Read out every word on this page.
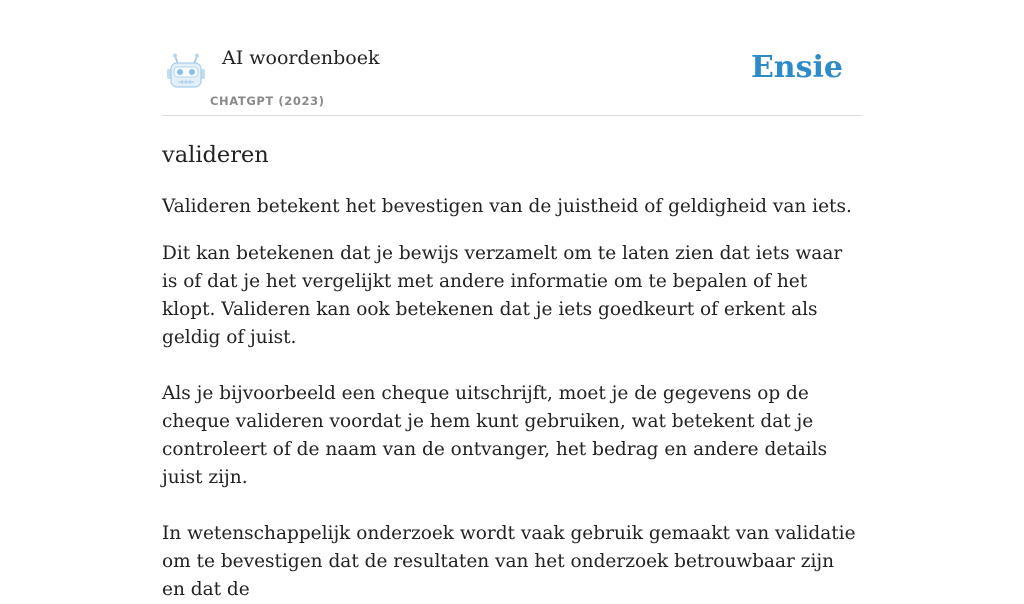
AI woordenboek
CHATGPT (2023)
Ensie
valideren

Valideren betekent het bevestigen van de juistheid of geldigheid van iets.

Dit kan betekenen dat je bewijs verzamelt om te laten zien dat iets waar is of dat je het vergelijkt met andere informatie om te bepalen of het klopt. Valideren kan ook betekenen dat je iets goedkeurt of erkent als geldig of juist.

Als je bijvoorbeeld een cheque uitschrijft, moet je de gegevens op de cheque valideren voordat je hem kunt gebruiken, wat betekent dat je controleert of de naam van de ontvanger, het bedrag en andere details juist zijn.

In wetenschappelijk onderzoek wordt vaak gebruik gemaakt van validatie om te bevestigen dat de resultaten van het onderzoek betrouwbaar zijn en dat de
